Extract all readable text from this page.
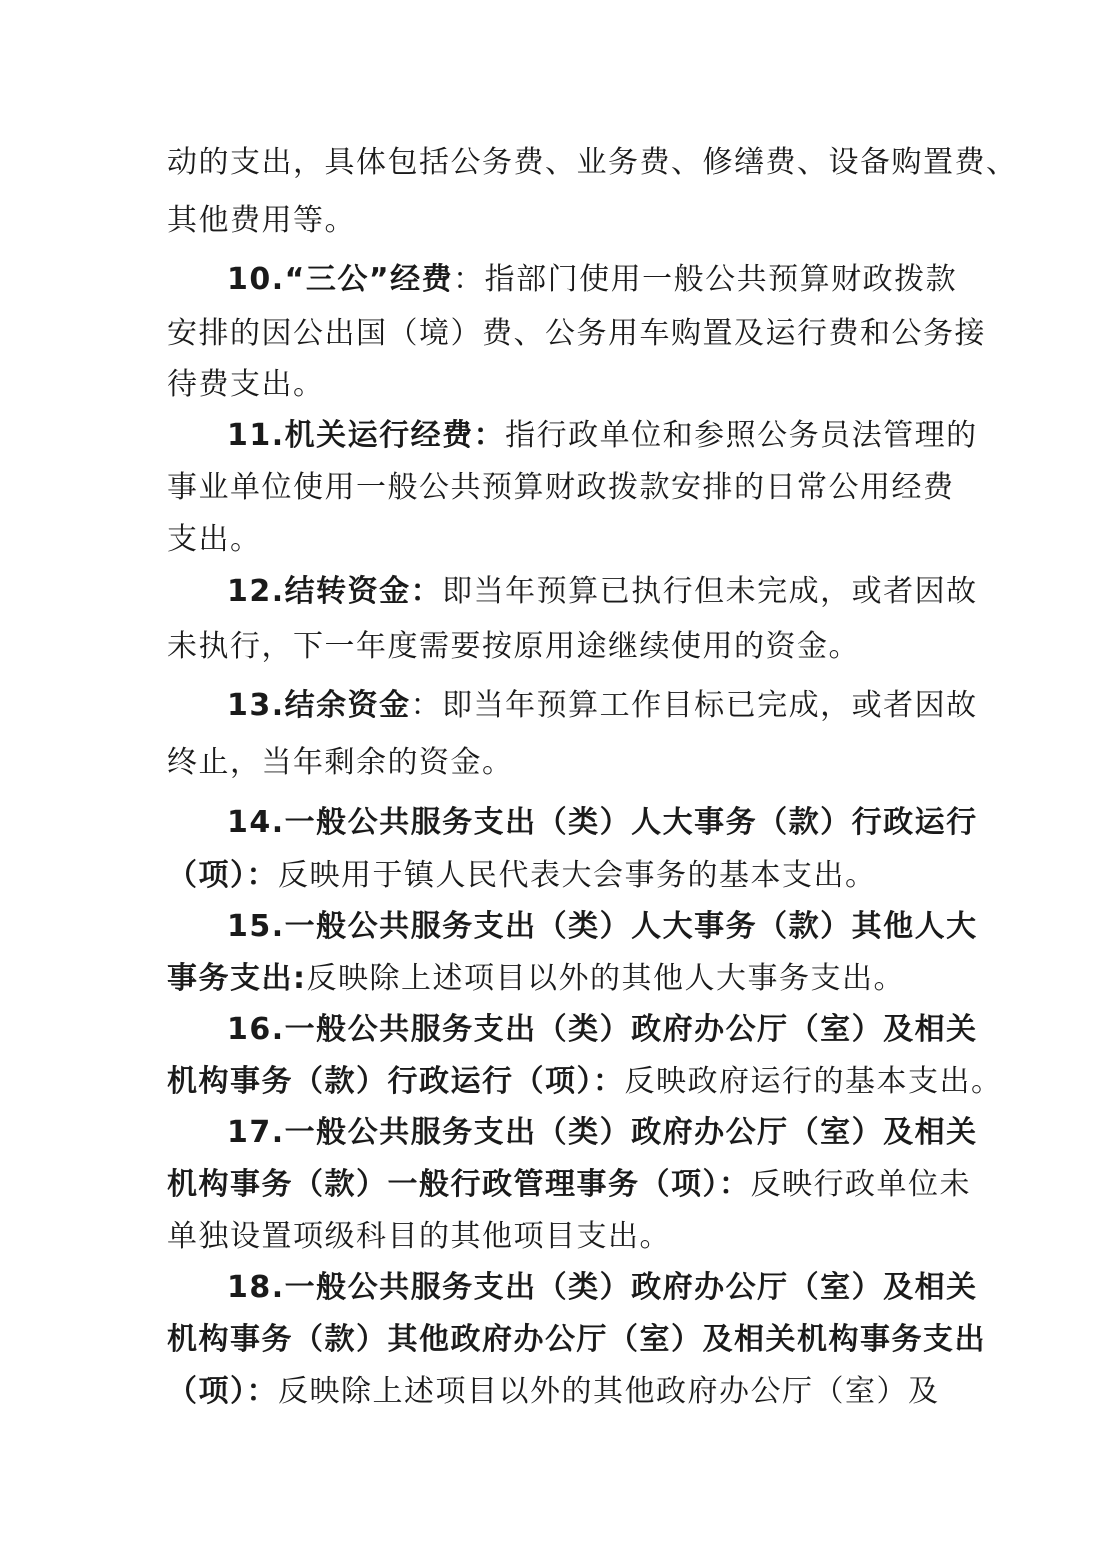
动的支出，具体包括公务费、业务费、修缮费、设备购置费、
其他费用等。
10.“三公”经费：指部门使用一般公共预算财政拨款
安排的因公出国（境）费、公务用车购置及运行费和公务接
待费支出。
11.机关运行经费：指行政单位和参照公务员法管理的
事业单位使用一般公共预算财政拨款安排的日常公用经费
支出。
12.结转资金：即当年预算已执行但未完成，或者因故
未执行，下一年度需要按原用途继续使用的资金。
13.结余资金：即当年预算工作目标已完成，或者因故
终止，当年剩余的资金。
14.一般公共服务支出（类）人大事务（款）行政运行
（项）：反映用于镇人民代表大会事务的基本支出。
15.一般公共服务支出（类）人大事务（款）其他人大
事务支出:反映除上述项目以外的其他人大事务支出。
16.一般公共服务支出（类）政府办公厅（室）及相关
机构事务（款）行政运行（项）：反映政府运行的基本支出。
17.一般公共服务支出（类）政府办公厅（室）及相关
机构事务（款）一般行政管理事务（项）：反映行政单位未
单独设置项级科目的其他项目支出。
18.一般公共服务支出（类）政府办公厅（室）及相关
机构事务（款）其他政府办公厅（室）及相关机构事务支出
（项）：反映除上述项目以外的其他政府办公厅（室）及
